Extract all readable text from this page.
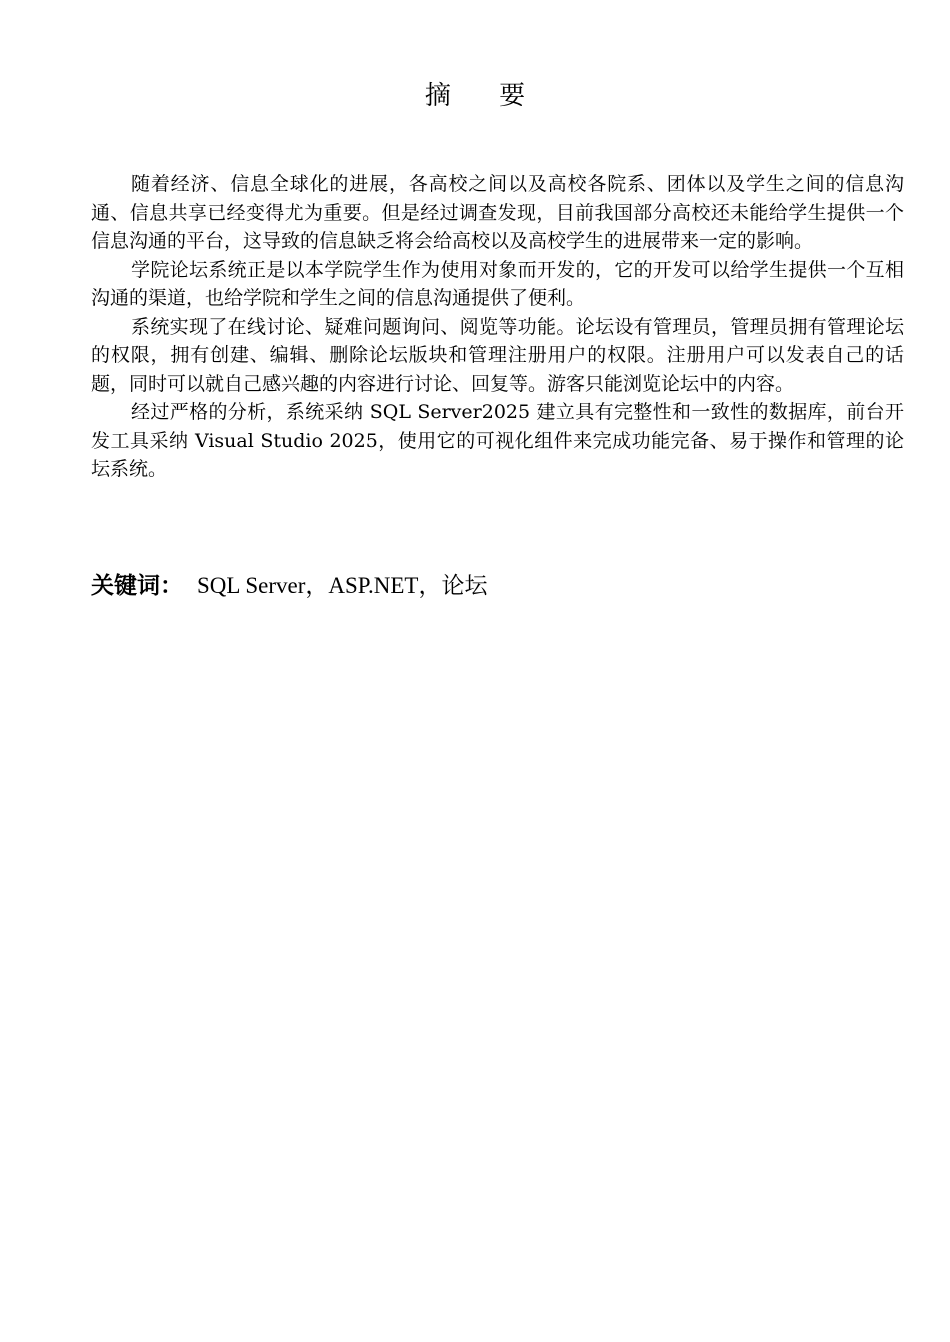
摘 要

随着经济、信息全球化的进展，各高校之间以及高校各院系、团体以及学生之间的信息沟通、信息共享已经变得尤为重要。但是经过调查发现，目前我国部分高校还未能给学生提供一个信息沟通的平台，这导致的信息缺乏将会给高校以及高校学生的进展带来一定的影响。

学院论坛系统正是以本学院学生作为使用对象而开发的，它的开发可以给学生提供一个互相沟通的渠道，也给学院和学生之间的信息沟通提供了便利。

系统实现了在线讨论、疑难问题询问、阅览等功能。论坛设有管理员，管理员拥有管理论坛的权限，拥有创建、编辑、删除论坛版块和管理注册用户的权限。注册用户可以发表自己的话题，同时可以就自己感兴趣的内容进行讨论、回复等。游客只能浏览论坛中的内容。

经过严格的分析，系统采纳 SQL Server2025 建立具有完整性和一致性的数据库，前台开发工具采纳 Visual Studio 2025，使用它的可视化组件来完成功能完备、易于操作和管理的论坛系统。

关键词： SQL Server，ASP.NET，论坛
